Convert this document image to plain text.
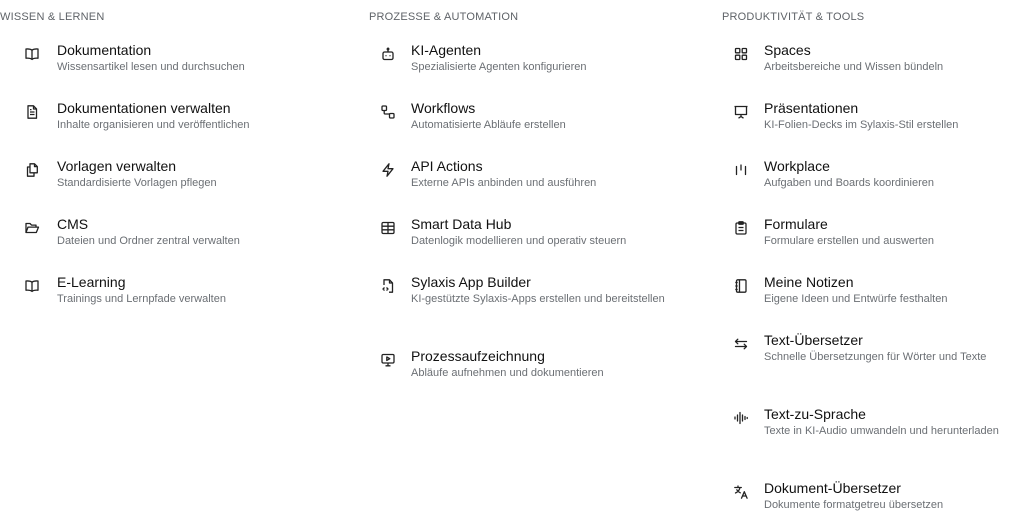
WISSEN & LERNEN
Dokumentation
Wissensartikel lesen und durchsuchen
Dokumentationen verwalten
Inhalte organisieren und veröffentlichen
Vorlagen verwalten
Standardisierte Vorlagen pflegen
CMS
Dateien und Ordner zentral verwalten
E-Learning
Trainings und Lernpfade verwalten
PROZESSE & AUTOMATION
KI-Agenten
Spezialisierte Agenten konfigurieren
Workflows
Automatisierte Abläufe erstellen
API Actions
Externe APIs anbinden und ausführen
Smart Data Hub
Datenlogik modellieren und operativ steuern
Sylaxis App Builder
KI-gestützte Sylaxis-Apps erstellen und bereitstellen
Prozessaufzeichnung
Abläufe aufnehmen und dokumentieren
PRODUKTIVITÄT & TOOLS
Spaces
Arbeitsbereiche und Wissen bündeln
Präsentationen
KI-Folien-Decks im Sylaxis-Stil erstellen
Workplace
Aufgaben und Boards koordinieren
Formulare
Formulare erstellen und auswerten
Meine Notizen
Eigene Ideen und Entwürfe festhalten
Text-Übersetzer
Schnelle Übersetzungen für Wörter und Texte
Text-zu-Sprache
Texte in KI-Audio umwandeln und herunterladen
Dokument-Übersetzer
Dokumente formatgetreu übersetzen
